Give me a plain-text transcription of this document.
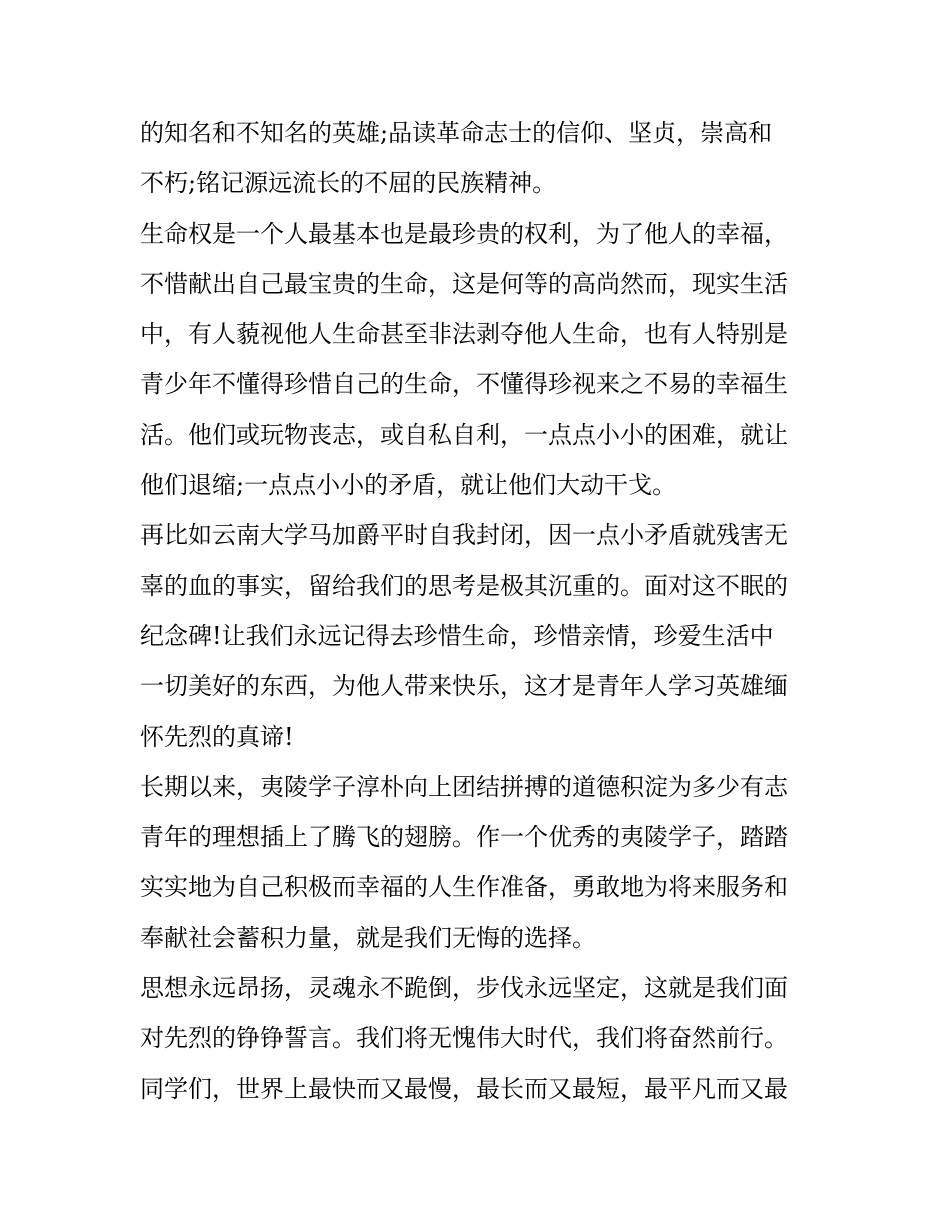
的知名和不知名的英雄;品读革命志士的信仰、坚贞，崇高和
不朽;铭记源远流长的不屈的民族精神。
生命权是一个人最基本也是最珍贵的权利，为了他人的幸福，
不惜献出自己最宝贵的生命，这是何等的高尚然而，现实生活
中，有人藐视他人生命甚至非法剥夺他人生命，也有人特别是
青少年不懂得珍惜自己的生命，不懂得珍视来之不易的幸福生
活。他们或玩物丧志，或自私自利，一点点小小的困难，就让
他们退缩;一点点小小的矛盾，就让他们大动干戈。
再比如云南大学马加爵平时自我封闭，因一点小矛盾就残害无
辜的血的事实，留给我们的思考是极其沉重的。面对这不眠的
纪念碑!让我们永远记得去珍惜生命，珍惜亲情，珍爱生活中
一切美好的东西，为他人带来快乐，这才是青年人学习英雄缅
怀先烈的真谛!
长期以来，夷陵学子淳朴向上团结拼搏的道德积淀为多少有志
青年的理想插上了腾飞的翅膀。作一个优秀的夷陵学子，踏踏
实实地为自己积极而幸福的人生作准备，勇敢地为将来服务和
奉献社会蓄积力量，就是我们无悔的选择。
思想永远昂扬，灵魂永不跪倒，步伐永远坚定，这就是我们面
对先烈的铮铮誓言。我们将无愧伟大时代，我们将奋然前行。
同学们，世界上最快而又最慢，最长而又最短，最平凡而又最
